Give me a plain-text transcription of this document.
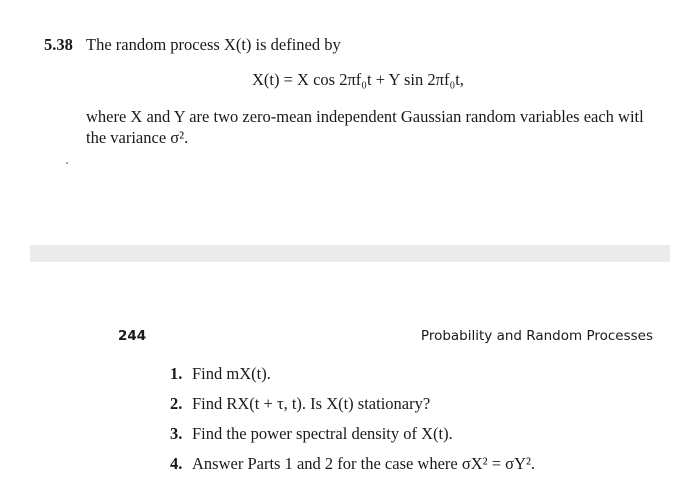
5.38 The random process X(t) is defined by
X(t) = X cos 2πf₀t + Y sin 2πf₀t,
where X and Y are two zero-mean independent Gaussian random variables each witl
the variance σ².
244	Probability and Random Processes
1. Find mX(t).
2. Find RX(t + τ, t). Is X(t) stationary?
3. Find the power spectral density of X(t).
4. Answer Parts 1 and 2 for the case where σX² = σY².
